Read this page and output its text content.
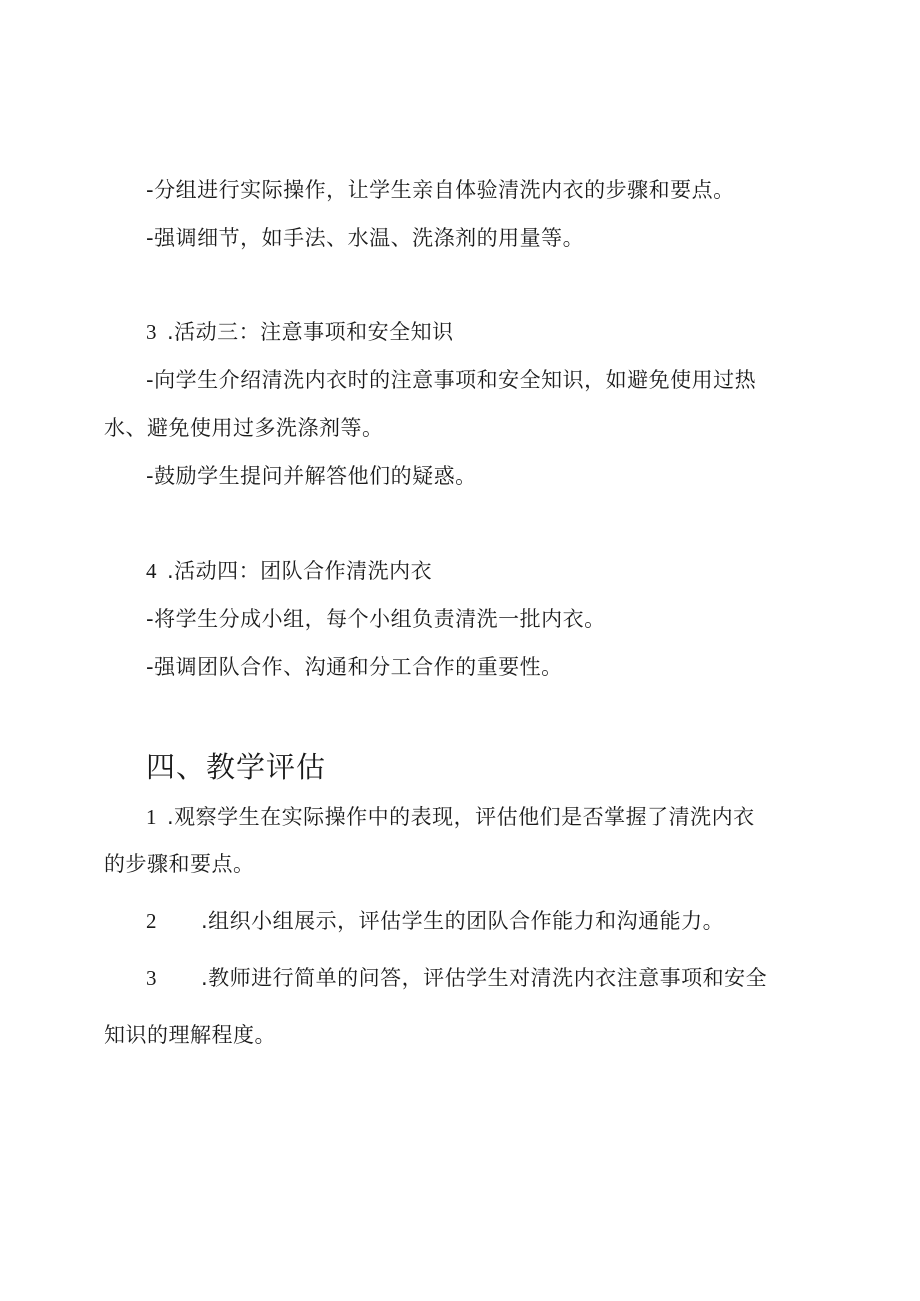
-分组进行实际操作，让学生亲自体验清洗内衣的步骤和要点。
-强调细节，如手法、水温、洗涤剂的用量等。
3 .活动三：注意事项和安全知识
-向学生介绍清洗内衣时的注意事项和安全知识，如避免使用过热
水、避免使用过多洗涤剂等。
-鼓励学生提问并解答他们的疑惑。
4 .活动四：团队合作清洗内衣
-将学生分成小组，每个小组负责清洗一批内衣。
-强调团队合作、沟通和分工合作的重要性。
四、教学评估
1 .观察学生在实际操作中的表现，评估他们是否掌握了清洗内衣
的步骤和要点。
2 .组织小组展示，评估学生的团队合作能力和沟通能力。
3 .教师进行简单的问答，评估学生对清洗内衣注意事项和安全
知识的理解程度。
